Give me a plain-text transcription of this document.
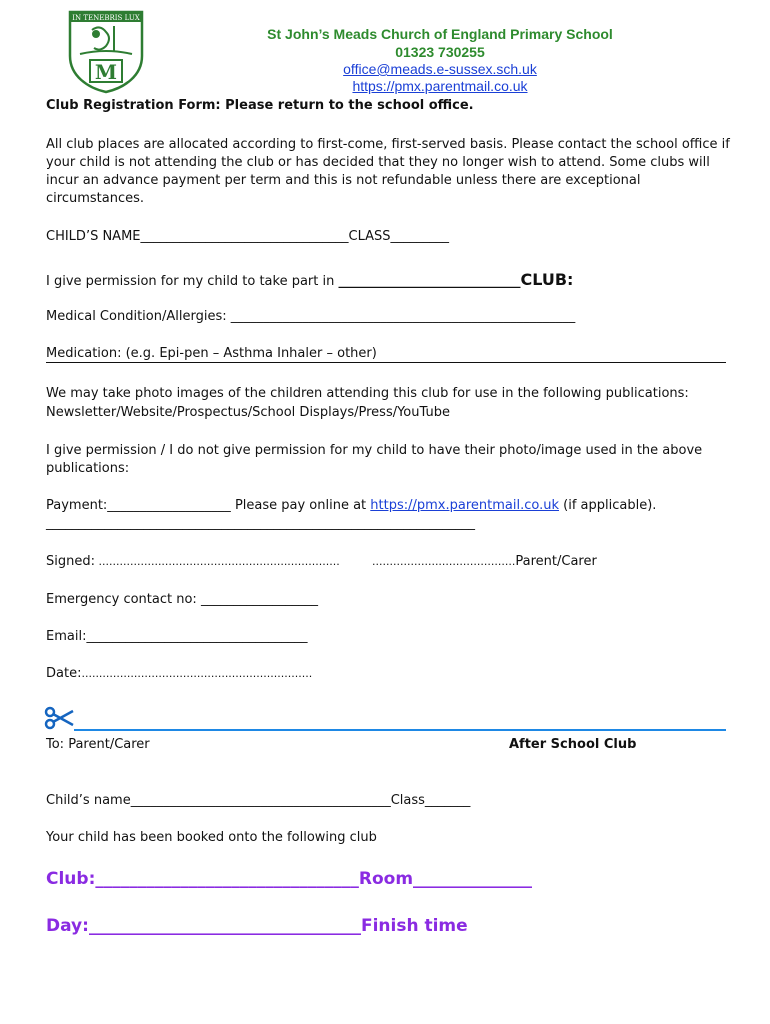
IN TENEBRIS LUX
M
St John’s Meads Church of England Primary School
01323 730255
office@meads.e-sussex.sch.uk
https://pmx.parentmail.co.uk
Club Registration Form: Please return to the school office.
All club places are allocated according to first-come, first-served basis. Please contact the school office if your child is not attending the club or has decided that they no longer wish to attend. Some clubs will incur an advance payment per term and this is not refundable unless there are exceptional circumstances.
CHILD’S NAME________________________________CLASS_________
I give permission for my child to take part in ____________________________CLUB:
Medical Condition/Allergies: _____________________________________________________
Medication: (e.g. Epi-pen – Asthma Inhaler – other)
We may take photo images of the children attending this club for use in the following publications:
Newsletter/Website/Prospectus/School Displays/Press/YouTube
I give permission / I do not give permission for my child to have their photo/image used in the above publications:
Payment:___________________ Please pay online at https://pmx.parentmail.co.uk (if applicable).
__________________________________________________________________
Signed: .....................................................................	.........................................Parent/Carer
Emergency contact no: __________________
Email:__________________________________
Date:..................................................................
To: Parent/Carer	After School Club
Child’s name________________________________________Class_______
Your child has been booked onto the following club
Club:_______________________________Room______________
Day:________________________________Finish time
